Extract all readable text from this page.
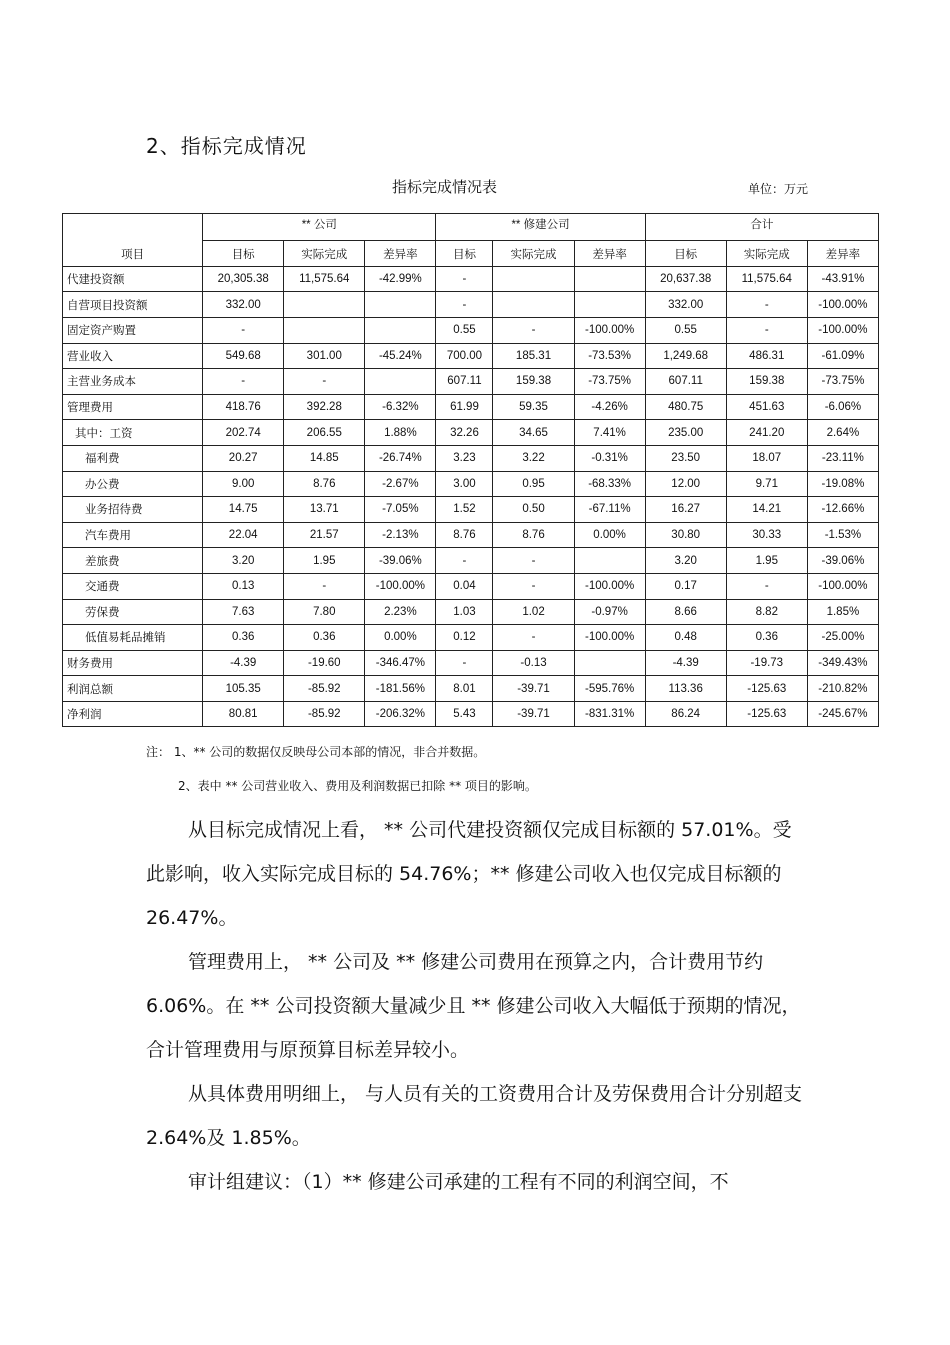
2、指标完成情况
指标完成情况表	单位：万元
项目	** 公司			** 修建公司			合计		
	目标	实际完成	差异率	目标	实际完成	差异率	目标	实际完成	差异率
代建投资额	20,305.38	11,575.64	-42.99%	-			20,637.38	11,575.64	-43.91%
自营项目投资额	332.00			-			332.00	-	-100.00%
固定资产购置	-			0.55	-	-100.00%	0.55	-	-100.00%
营业收入	549.68	301.00	-45.24%	700.00	185.31	-73.53%	1,249.68	486.31	-61.09%
主营业务成本	-	-		607.11	159.38	-73.75%	607.11	159.38	-73.75%
管理费用	418.76	392.28	-6.32%	61.99	59.35	-4.26%	480.75	451.63	-6.06%
其中：工资	202.74	206.55	1.88%	32.26	34.65	7.41%	235.00	241.20	2.64%
福利费	20.27	14.85	-26.74%	3.23	3.22	-0.31%	23.50	18.07	-23.11%
办公费	9.00	8.76	-2.67%	3.00	0.95	-68.33%	12.00	9.71	-19.08%
业务招待费	14.75	13.71	-7.05%	1.52	0.50	-67.11%	16.27	14.21	-12.66%
汽车费用	22.04	21.57	-2.13%	8.76	8.76	0.00%	30.80	30.33	-1.53%
差旅费	3.20	1.95	-39.06%	-	-		3.20	1.95	-39.06%
交通费	0.13	-	-100.00%	0.04	-	-100.00%	0.17	-	-100.00%
劳保费	7.63	7.80	2.23%	1.03	1.02	-0.97%	8.66	8.82	1.85%
低值易耗品摊销	0.36	0.36	0.00%	0.12	-	-100.00%	0.48	0.36	-25.00%
财务费用	-4.39	-19.60	-346.47%	-	-0.13		-4.39	-19.73	-349.43%
利润总额	105.35	-85.92	-181.56%	8.01	-39.71	-595.76%	113.36	-125.63	-210.82%
净利润	80.81	-85.92	-206.32%	5.43	-39.71	-831.31%	86.24	-125.63	-245.67%
注： 1、** 公司的数据仅反映母公司本部的情况，非合并数据。
2、表中 ** 公司营业收入、费用及利润数据已扣除 ** 项目的影响。

从目标完成情况上看， ** 公司代建投资额仅完成目标额的 57.01%。受此影响，收入实际完成目标的 54.76%；** 修建公司收入也仅完成目标额的 26.47%。

管理费用上， ** 公司及 ** 修建公司费用在预算之内，合计费用节约 6.06%。在 ** 公司投资额大量减少且 ** 修建公司收入大幅低于预期的情况，合计管理费用与原预算目标差异较小。

从具体费用明细上， 与人员有关的工资费用合计及劳保费用合计分别超支 2.64%及 1.85%。

审计组建议：（1）** 修建公司承建的工程有不同的利润空间，不
